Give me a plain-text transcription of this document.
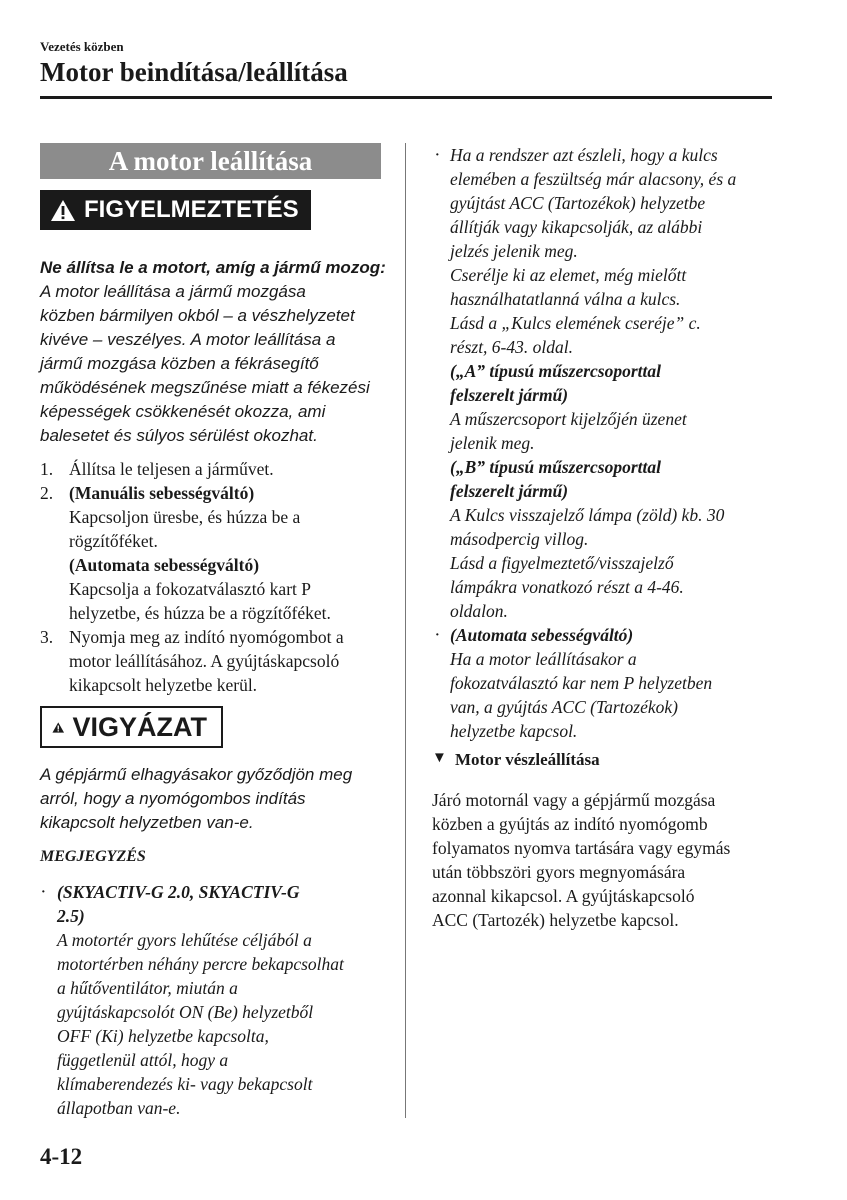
Vezetés közben
Motor beindítása/leállítása
A motor leállítása
FIGYELMEZTETÉS
Ne állítsa le a motort, amíg a jármű mozog:
A motor leállítása a jármű mozgása
közben bármilyen okból – a vészhelyzetet
kivéve – veszélyes. A motor leállítása a
jármű mozgása közben a fékrásegítő
működésének megszűnése miatt a fékezési
képességek csökkenését okozza, ami
balesetet és súlyos sérülést okozhat.
1. Állítsa le teljesen a járművet.
2. (Manuális sebességváltó)
Kapcsoljon üresbe, és húzza be a
rögzítőféket.
(Automata sebességváltó)
Kapcsolja a fokozatválasztó kart P
helyzetbe, és húzza be a rögzítőféket.
3. Nyomja meg az indító nyomógombot a
motor leállításához. A gyújtáskapcsoló
kikapcsolt helyzetbe kerül.
VIGYÁZAT
A gépjármű elhagyásakor győződjön meg
arról, hogy a nyomógombos indítás
kikapcsolt helyzetben van-e.
MEGJEGYZÉS
· (SKYACTIV-G 2.0, SKYACTIV-G
2.5)
A motortér gyors lehűtése céljából a
motortérben néhány percre bekapcsolhat
a hűtőventilátor, miután a
gyújtáskapcsolót ON (Be) helyzetből
OFF (Ki) helyzetbe kapcsolta,
függetlenül attól, hogy a
klímaberendezés ki- vagy bekapcsolt
állapotban van-e.
· Ha a rendszer azt észleli, hogy a kulcs
elemében a feszültség már alacsony, és a
gyújtást ACC (Tartozékok) helyzetbe
állítják vagy kikapcsolják, az alábbi
jelzés jelenik meg.
Cserélje ki az elemet, még mielőtt
használhatatlanná válna a kulcs.
Lásd a „Kulcs elemének cseréje” c.
részt, 6-43. oldal.
(„A” típusú műszercsoporttal
felszerelt jármű)
A műszercsoport kijelzőjén üzenet
jelenik meg.
(„B” típusú műszercsoporttal
felszerelt jármű)
A Kulcs visszajelző lámpa (zöld) kb. 30
másodpercig villog.
Lásd a figyelmeztető/visszajelző
lámpákra vonatkozó részt a 4-46.
oldalon.
· (Automata sebességváltó)
Ha a motor leállításakor a
fokozatválasztó kar nem P helyzetben
van, a gyújtás ACC (Tartozékok)
helyzetbe kapcsol.
▼ Motor vészleállítása
Járó motornál vagy a gépjármű mozgása
közben a gyújtás az indító nyomógomb
folyamatos nyomva tartására vagy egymás
után többszöri gyors megnyomására
azonnal kikapcsol. A gyújtáskapcsoló
ACC (Tartozék) helyzetbe kapcsol.
4-12
